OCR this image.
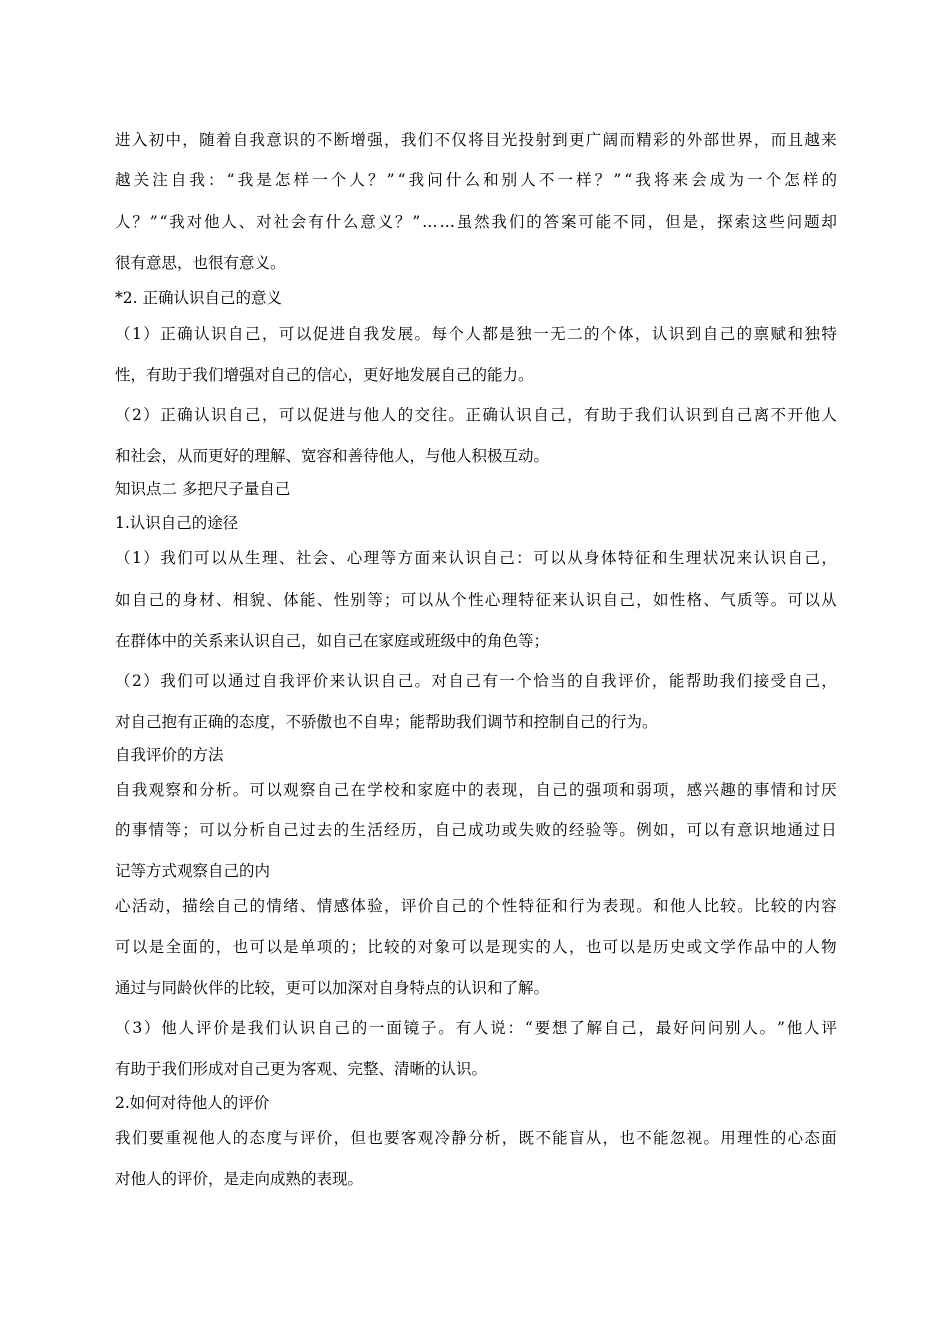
进 入 初 中 ， 随 着 自 我 意 识 的 不 断 增 强 ， 我 们 不 仅 将 目 光 投 射 到 更 广 阔 而 精 彩 的 外 部 世 界 ， 而 且 越 来
越 关 注 自 我 ： “ 我 是 怎 样 一 个 人 ？ ” “ 我 问 什 么 和 别 人 不 一 样 ？ ” “ 我 将 来 会 成 为 一 个 怎 样 的
人 ？ ” “ 我 对 他 人 、 对 社 会 有 什 么 意 义 ？ ” … … 虽 然 我 们 的 答 案 可 能 不 同 ， 但 是 ， 探 索 这 些 问 题 却
很有意思，也很有意义。
*2. 正确认识自己的意义
（ 1 ） 正 确 认 识 自 己 ， 可 以 促 进 自 我 发 展 。 每 个 人 都 是 独 一 无 二 的 个 体 ， 认 识 到 自 己 的 禀 赋 和 独 特
性，有助于我们增强对自己的信心，更好地发展自己的能力。
（ 2 ） 正 确 认 识 自 己 ， 可 以 促 进 与 他 人 的 交 往 。 正 确 认 识 自 己 ， 有 助 于 我 们 认 识 到 自 己 离 不 开 他 人
和社会，从而更好的理解、宽容和善待他人，与他人积极互动。
知识点二 多把尺子量自己
1.认识自己的途径
（ 1 ） 我 们 可 以 从 生 理 、 社 会 、 心 理 等 方 面 来 认 识 自 己 ： 可 以 从 身 体 特 征 和 生 理 状 况 来 认 识 自 己 ，
如 自 己 的 身 材 、 相 貌 、 体 能 、 性 别 等 ； 可 以 从 个 性 心 理 特 征 来 认 识 自 己 ， 如 性 格 、 气 质 等 。 可 以 从
在群体中的关系来认识自己，如自己在家庭或班级中的角色等；
（ 2 ） 我 们 可 以 通 过 自 我 评 价 来 认 识 自 己 。 对 自 己 有 一 个 恰 当 的 自 我 评 价 ， 能 帮 助 我 们 接 受 自 己 ，
对自己抱有正确的态度，不骄傲也不自卑；能帮助我们调节和控制自己的行为。
自我评价的方法
自 我 观 察 和 分 析 。 可 以 观 察 自 己 在 学 校 和 家 庭 中 的 表 现 ， 自 己 的 强 项 和 弱 项 ， 感 兴 趣 的 事 情 和 讨 厌
的 事 情 等 ； 可 以 分 析 自 己 过 去 的 生 活 经 历 ， 自 己 成 功 或 失 败 的 经 验 等 。 例 如 ， 可 以 有 意 识 地 通 过 日
记等方式观察自己的内
心 活 动 ， 描 绘 自 己 的 情 绪 、 情 感 体 验 ， 评 价 自 己 的 个 性 特 征 和 行 为 表 现 。 和 他 人 比 较 。 比 较 的 内 容
可 以 是 全 面 的 ， 也 可 以 是 单 项 的 ； 比 较 的 对 象 可 以 是 现 实 的 人 ， 也 可 以 是 历 史 或 文 学 作 品 中 的 人 物
通过与同龄伙伴的比较，更可以加深对自身特点的认识和了解。
（ 3 ） 他 人 评 价 是 我 们 认 识 自 己 的 一 面 镜 子 。 有 人 说 ： “ 要 想 了 解 自 己 ， 最 好 问 问 别 人 。 ” 他 人 评
有助于我们形成对自己更为客观、完整、清晰的认识。
2.如何对待他人的评价
我 们 要 重 视 他 人 的 态 度 与 评 价 ， 但 也 要 客 观 冷 静 分 析 ， 既 不 能 盲 从 ， 也 不 能 忽 视 。 用 理 性 的 心 态 面
对他人的评价，是走向成熟的表现。
